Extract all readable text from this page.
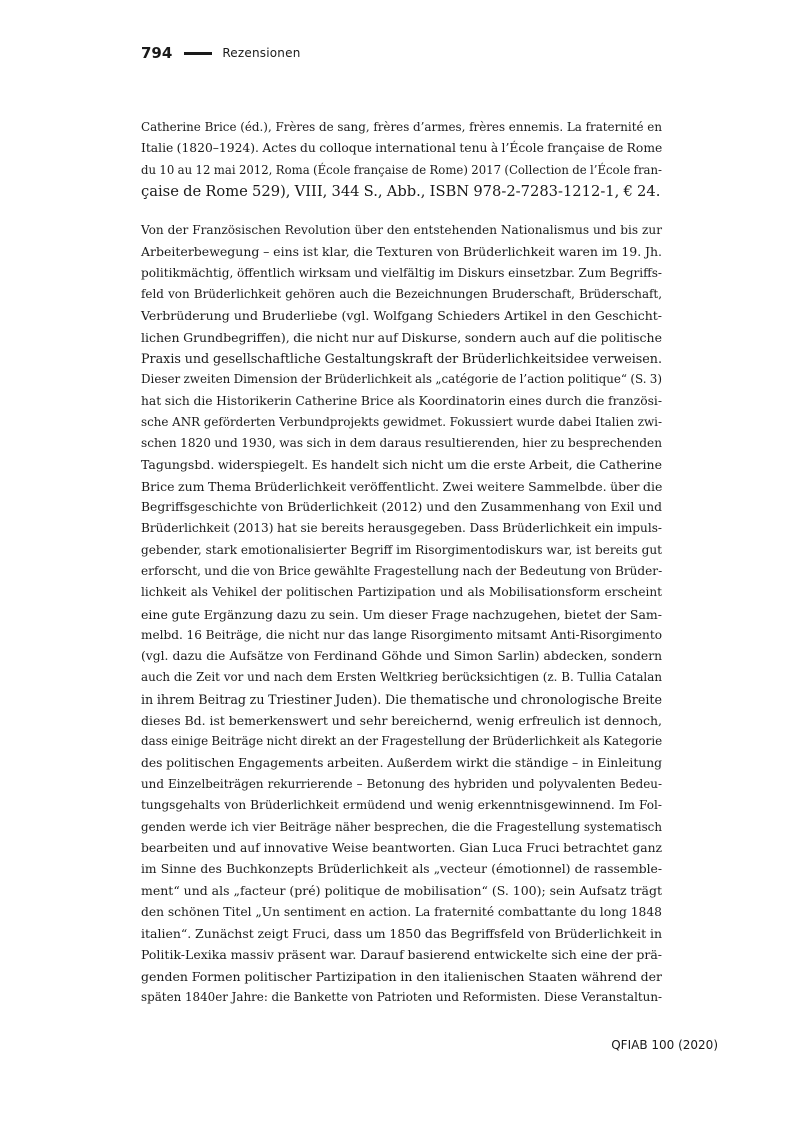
794	Rezensionen
Catherine Brice (éd.), Frères de sang, frères d’armes, frères ennemis. La fraternité en
Italie (1820–1924). Actes du colloque international tenu à l’École française de Rome
du 10 au 12 mai 2012, Roma (École française de Rome) 2017 (Collection de l’École fran-
çaise de Rome 529), VIII, 344 S., Abb., ISBN 978-2-7283-1212-1, € 24.
Von der Französischen Revolution über den entstehenden Nationalismus und bis zur
Arbeiterbewegung – eins ist klar, die Texturen von Brüderlichkeit waren im 19. Jh.
politikmächtig, öffentlich wirksam und vielfältig im Diskurs einsetzbar. Zum Begriffs-
feld von Brüderlichkeit gehören auch die Bezeichnungen Bruderschaft, Brüderschaft,
Verbrüderung und Bruderliebe (vgl. Wolfgang Schieders Artikel in den Geschicht-
lichen Grundbegriffen), die nicht nur auf Diskurse, sondern auch auf die politische
Praxis und gesellschaftliche Gestaltungskraft der Brüderlichkeitsidee verweisen.
Dieser zweiten Dimension der Brüderlichkeit als „catégorie de l’action politique“ (S. 3)
hat sich die Historikerin Catherine Brice als Koordinatorin eines durch die französi-
sche ANR geförderten Verbundprojekts gewidmet. Fokussiert wurde dabei Italien zwi-
schen 1820 und 1930, was sich in dem daraus resultierenden, hier zu besprechenden
Tagungsbd. widerspiegelt. Es handelt sich nicht um die erste Arbeit, die Catherine
Brice zum Thema Brüderlichkeit veröffentlicht. Zwei weitere Sammelbde. über die
Begriffsgeschichte von Brüderlichkeit (2012) und den Zusammenhang von Exil und
Brüderlichkeit (2013) hat sie bereits herausgegeben. Dass Brüderlichkeit ein impuls-
gebender, stark emotionalisierter Begriff im Risorgimentodiskurs war, ist bereits gut
erforscht, und die von Brice gewählte Fragestellung nach der Bedeutung von Brüder-
lichkeit als Vehikel der politischen Partizipation und als Mobilisationsform erscheint
eine gute Ergänzung dazu zu sein. Um dieser Frage nachzugehen, bietet der Sam-
melbd. 16 Beiträge, die nicht nur das lange Risorgimento mitsamt Anti-Risorgimento
(vgl. dazu die Aufsätze von Ferdinand Göhde und Simon Sarlin) abdecken, sondern
auch die Zeit vor und nach dem Ersten Weltkrieg berücksichtigen (z. B. Tullia Catalan
in ihrem Beitrag zu Triestiner Juden). Die thematische und chronologische Breite
dieses Bd. ist bemerkenswert und sehr bereichernd, wenig erfreulich ist dennoch,
dass einige Beiträge nicht direkt an der Fragestellung der Brüderlichkeit als Kategorie
des politischen Engagements arbeiten. Außerdem wirkt die ständige – in Einleitung
und Einzelbeiträgen rekurrierende – Betonung des hybriden und polyvalenten Bedeu-
tungsgehalts von Brüderlichkeit ermüdend und wenig erkenntnisgewinnend. Im Fol-
genden werde ich vier Beiträge näher besprechen, die die Fragestellung systematisch
bearbeiten und auf innovative Weise beantworten. Gian Luca Fruci betrachtet ganz
im Sinne des Buchkonzepts Brüderlichkeit als „vecteur (émotionnel) de rassemble-
ment“ und als „facteur (pré) politique de mobilisation“ (S. 100); sein Aufsatz trägt
den schönen Titel „Un sentiment en action. La fraternité combattante du long 1848
italien“. Zunächst zeigt Fruci, dass um 1850 das Begriffsfeld von Brüderlichkeit in
Politik-Lexika massiv präsent war. Darauf basierend entwickelte sich eine der prä-
genden Formen politischer Partizipation in den italienischen Staaten während der
späten 1840er Jahre: die Bankette von Patrioten und Reformisten. Diese Veranstaltun-
QFIAB 100 (2020)
